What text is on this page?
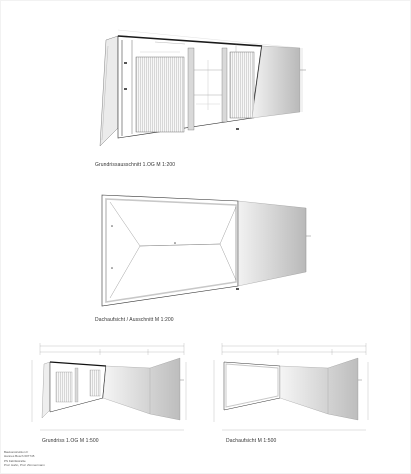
Grundrissausschnitt 1.OG M 1:200
Dachaufsicht / Ausschnitt M 1:200
Grundriss 1.OG M 1:500	Dachaufsicht M 1:500
Baukonstruktion F
Hannes Bosch 607745
PS Fabrikstraße
Prof. Hahn, Prof. Zimmermann
